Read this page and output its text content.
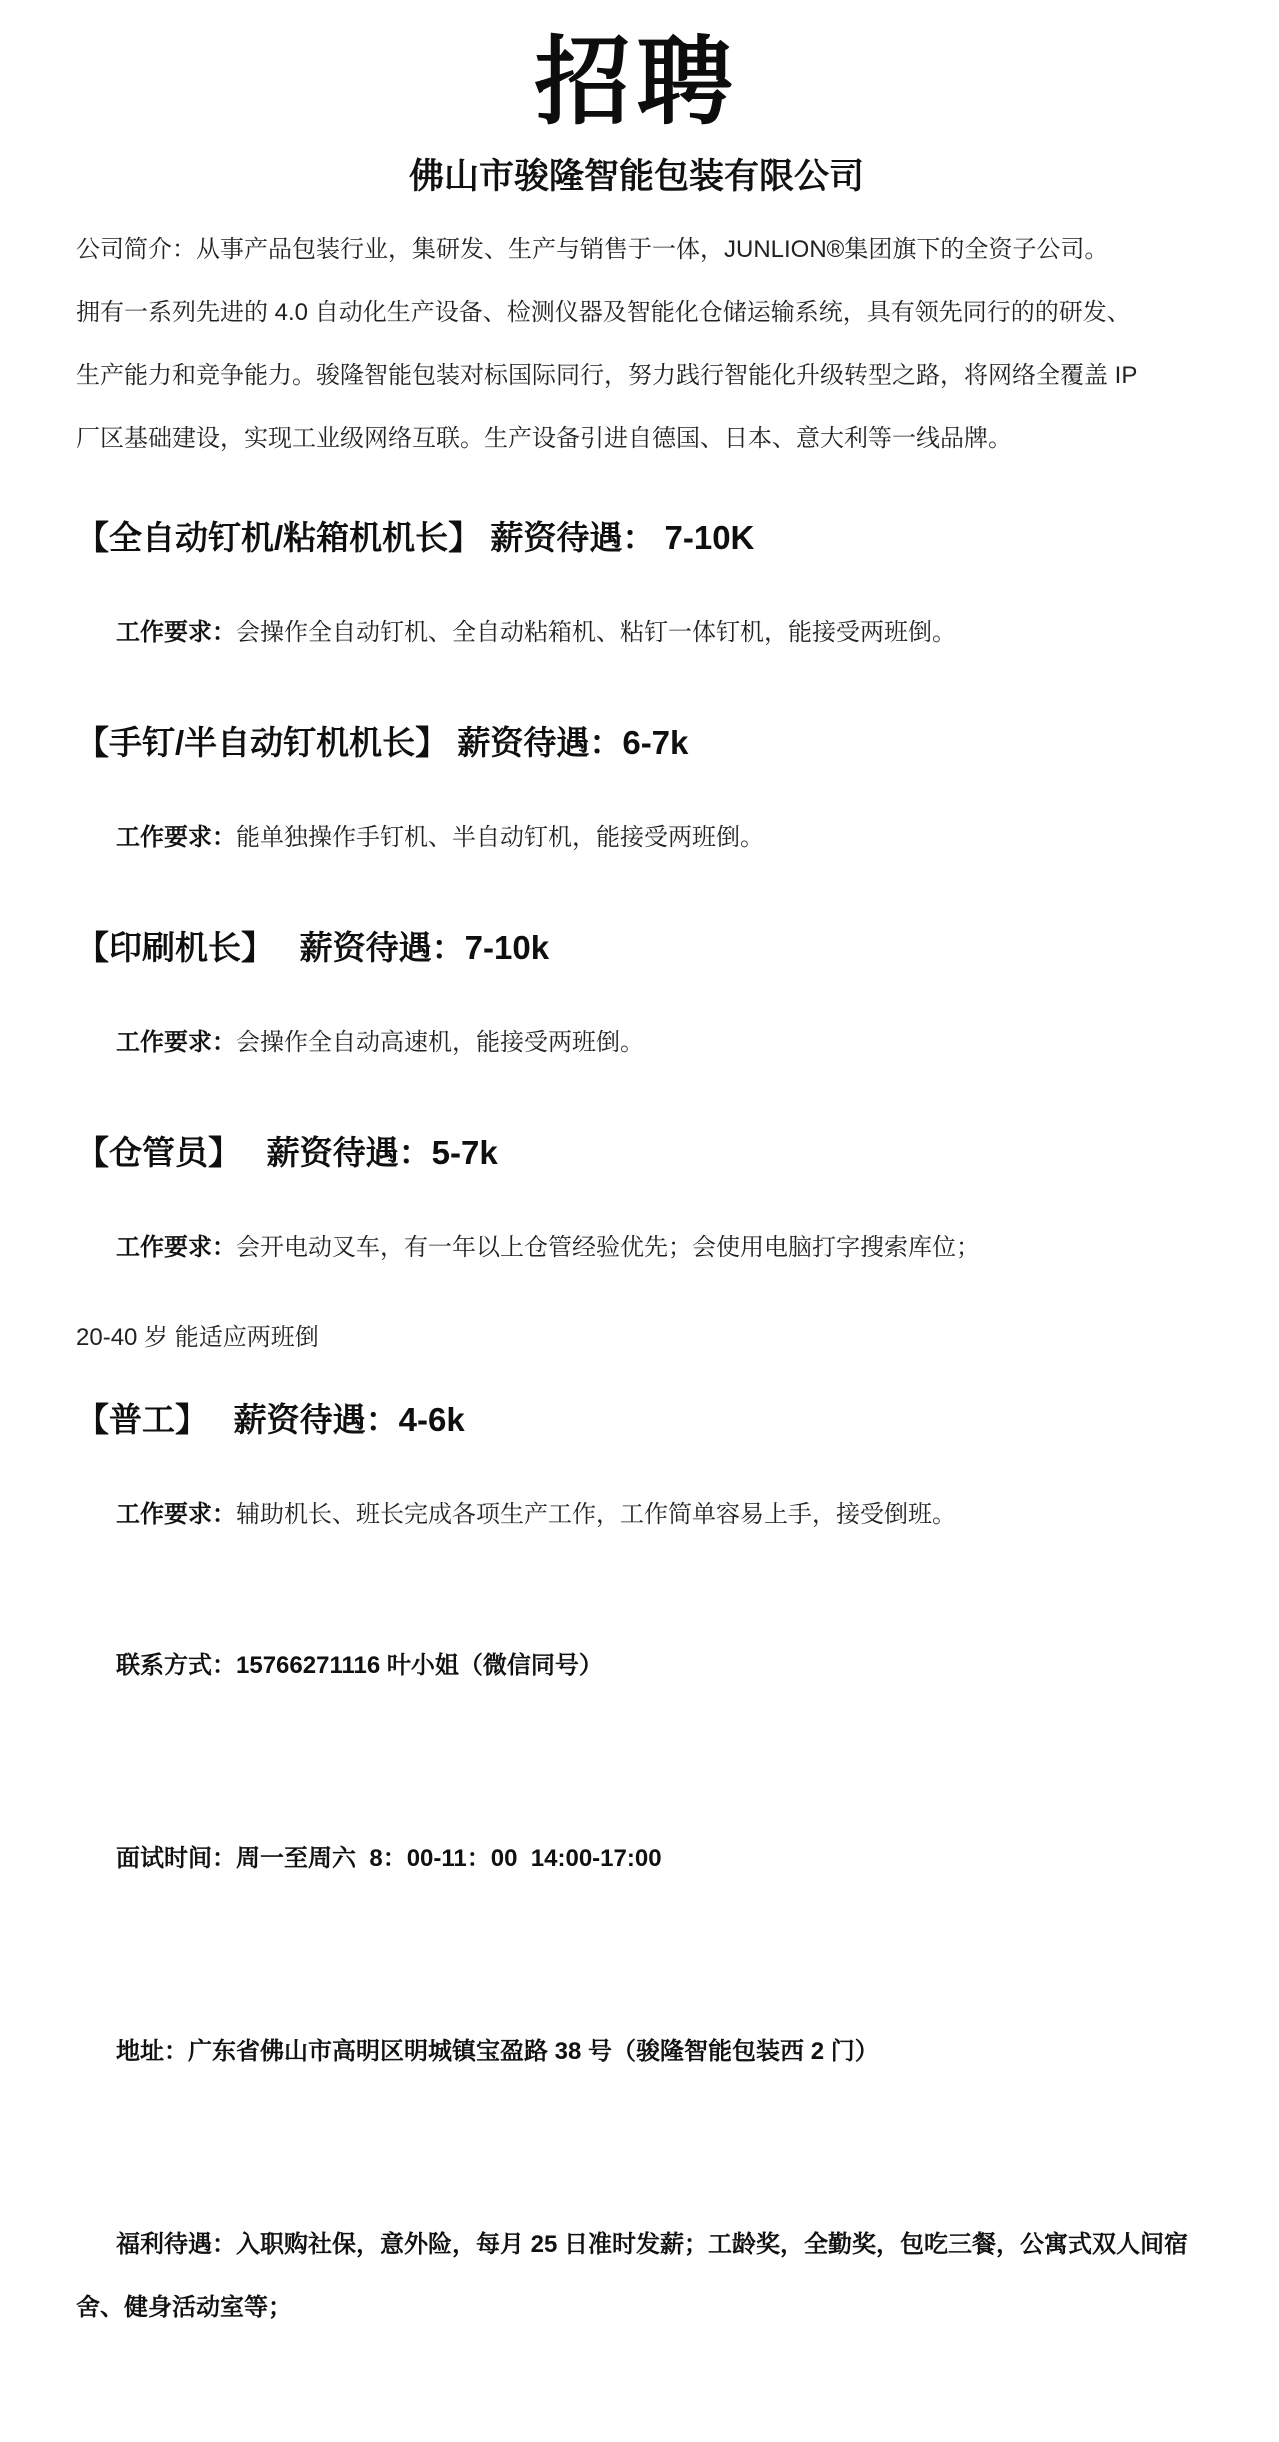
招聘
佛山市骏隆智能包装有限公司
公司简介：从事产品包装行业，集研发、生产与销售于一体，JUNLION®集团旗下的全资子公司。
拥有一系列先进的 4.0 自动化生产设备、检测仪器及智能化仓储运输系统，具有领先同行的的研发、
生产能力和竞争能力。骏隆智能包装对标国际同行，努力践行智能化升级转型之路，将网络全覆盖 IP
厂区基础建设，实现工业级网络互联。生产设备引进自德国、日本、意大利等一线品牌。
【全自动钉机/粘箱机机长】 薪资待遇： 7-10K

工作要求：会操作全自动钉机、全自动粘箱机、粘钉一体钉机，能接受两班倒。

【手钉/半自动钉机机长】 薪资待遇：6-7k

工作要求：能单独操作手钉机、半自动钉机，能接受两班倒。

【印刷机长】　 薪资待遇：7-10k

工作要求：会操作全自动高速机，能接受两班倒。

【仓管员】　 薪资待遇：5-7k

工作要求：会开电动叉车，有一年以上仓管经验优先；会使用电脑打字搜索库位；

20-40 岁 能适应两班倒
【普工】　 薪资待遇：4-6k

工作要求：辅助机长、班长完成各项生产工作，工作简单容易上手，接受倒班。

联系方式：15766271116 叶小姐（微信同号）

面试时间：周一至周六  8：00-11：00  14:00-17:00

地址：广东省佛山市高明区明城镇宝盈路 38 号（骏隆智能包装西 2 门）

福利待遇：入职购社保，意外险，每月 25 日准时发薪；工龄奖，全勤奖，包吃三餐，公寓式双人间宿舍、健身活动室等；
